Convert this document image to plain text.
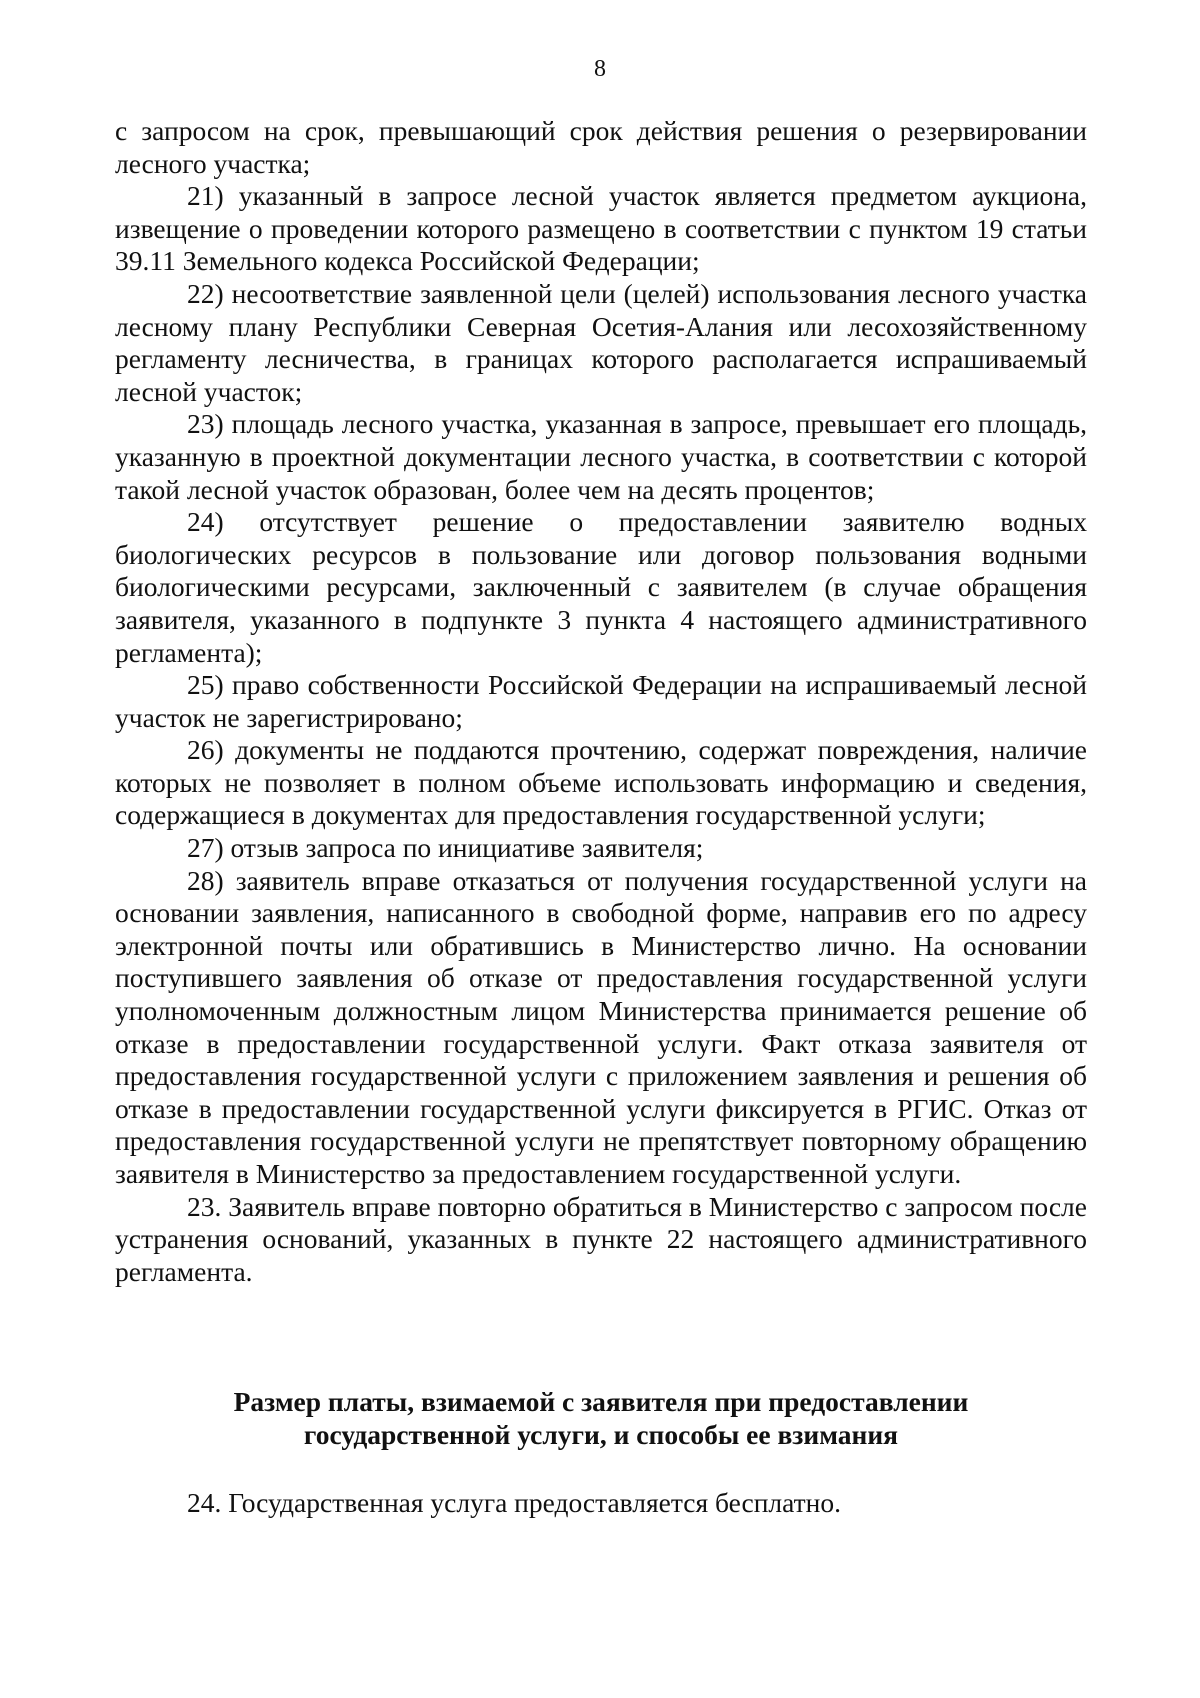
8

с запросом на срок, превышающий срок действия решения о резервировании лесного участка;

21) указанный в запросе лесной участок является предметом аукциона, извещение о проведении которого размещено в соответствии с пунктом 19 статьи 39.11 Земельного кодекса Российской Федерации;

22) несоответствие заявленной цели (целей) использования лесного участка лесному плану Республики Северная Осетия-Алания или лесохозяйственному регламенту лесничества, в границах которого располагается испрашиваемый лесной участок;

23) площадь лесного участка, указанная в запросе, превышает его площадь, указанную в проектной документации лесного участка, в соответствии с которой такой лесной участок образован, более чем на десять процентов;

24) отсутствует решение о предоставлении заявителю водных биологических ресурсов в пользование или договор пользования водными биологическими ресурсами, заключенный с заявителем (в случае обращения заявителя, указанного в подпункте 3 пункта 4 настоящего административного регламента);

25) право собственности Российской Федерации на испрашиваемый лесной участок не зарегистрировано;

26) документы не поддаются прочтению, содержат повреждения, наличие которых не позволяет в полном объеме использовать информацию и сведения, содержащиеся в документах для предоставления государственной услуги;

27) отзыв запроса по инициативе заявителя;

28) заявитель вправе отказаться от получения государственной услуги на основании заявления, написанного в свободной форме, направив его по адресу электронной почты или обратившись в Министерство лично. На основании поступившего заявления об отказе от предоставления государственной услуги уполномоченным должностным лицом Министерства принимается решение об отказе в предоставлении государственной услуги. Факт отказа заявителя от предоставления государственной услуги с приложением заявления и решения об отказе в предоставлении государственной услуги фиксируется в РГИС. Отказ от предоставления государственной услуги не препятствует повторному обращению заявителя в Министерство за предоставлением государственной услуги.

23. Заявитель вправе повторно обратиться в Министерство с запросом после устранения оснований, указанных в пункте 22 настоящего административного регламента.

Размер платы, взимаемой с заявителя при предоставлении
государственной услуги, и способы ее взимания

24. Государственная услуга предоставляется бесплатно.
